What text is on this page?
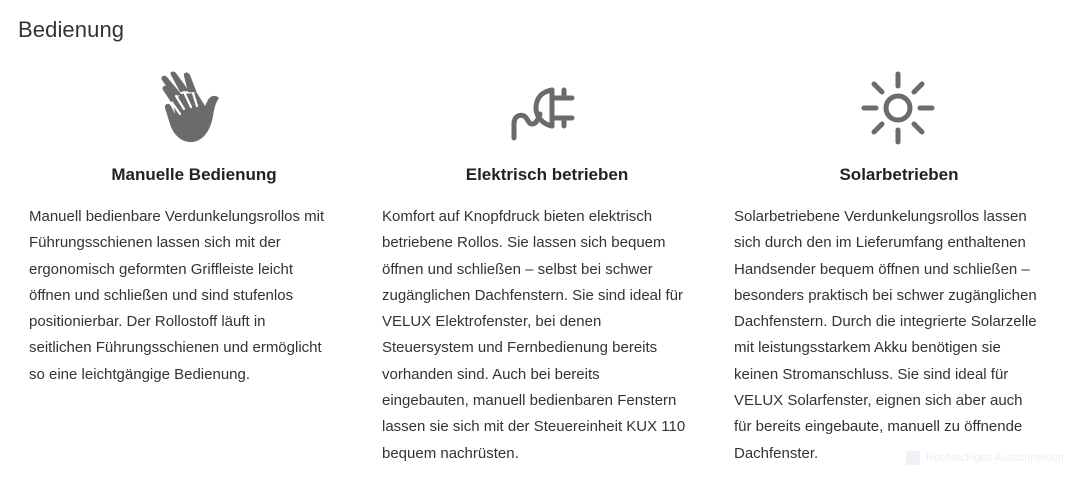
Bedienung
Manuelle Bedienung
Manuell bedienbare Verdunkelungsrollos mit
Führungsschienen lassen sich mit der
ergonomisch geformten Griffleiste leicht
öffnen und schließen und sind stufenlos
positionierbar. Der Rollostoff läuft in
seitlichen Führungsschienen und ermöglicht
so eine leichtgängige Bedienung.
Elektrisch betrieben
Komfort auf Knopfdruck bieten elektrisch
betriebene Rollos. Sie lassen sich bequem
öffnen und schließen – selbst bei schwer
zugänglichen Dachfenstern. Sie sind ideal für
VELUX Elektrofenster, bei denen
Steuersystem und Fernbedienung bereits
vorhanden sind. Auch bei bereits
eingebauten, manuell bedienbaren Fenstern
lassen sie sich mit der Steuereinheit KUX 110
bequem nachrüsten.
Solarbetrieben
Solarbetriebene Verdunkelungsrollos lassen
sich durch den im Lieferumfang enthaltenen
Handsender bequem öffnen und schließen –
besonders praktisch bei schwer zugänglichen
Dachfenstern. Durch die integrierte Solarzelle
mit leistungsstarkem Akku benötigen sie
keinen Stromanschluss. Sie sind ideal für
VELUX Solarfenster, eignen sich aber auch
für bereits eingebaute, manuell zu öffnende
Dachfenster.	Rechteckiges Ausschneiden
